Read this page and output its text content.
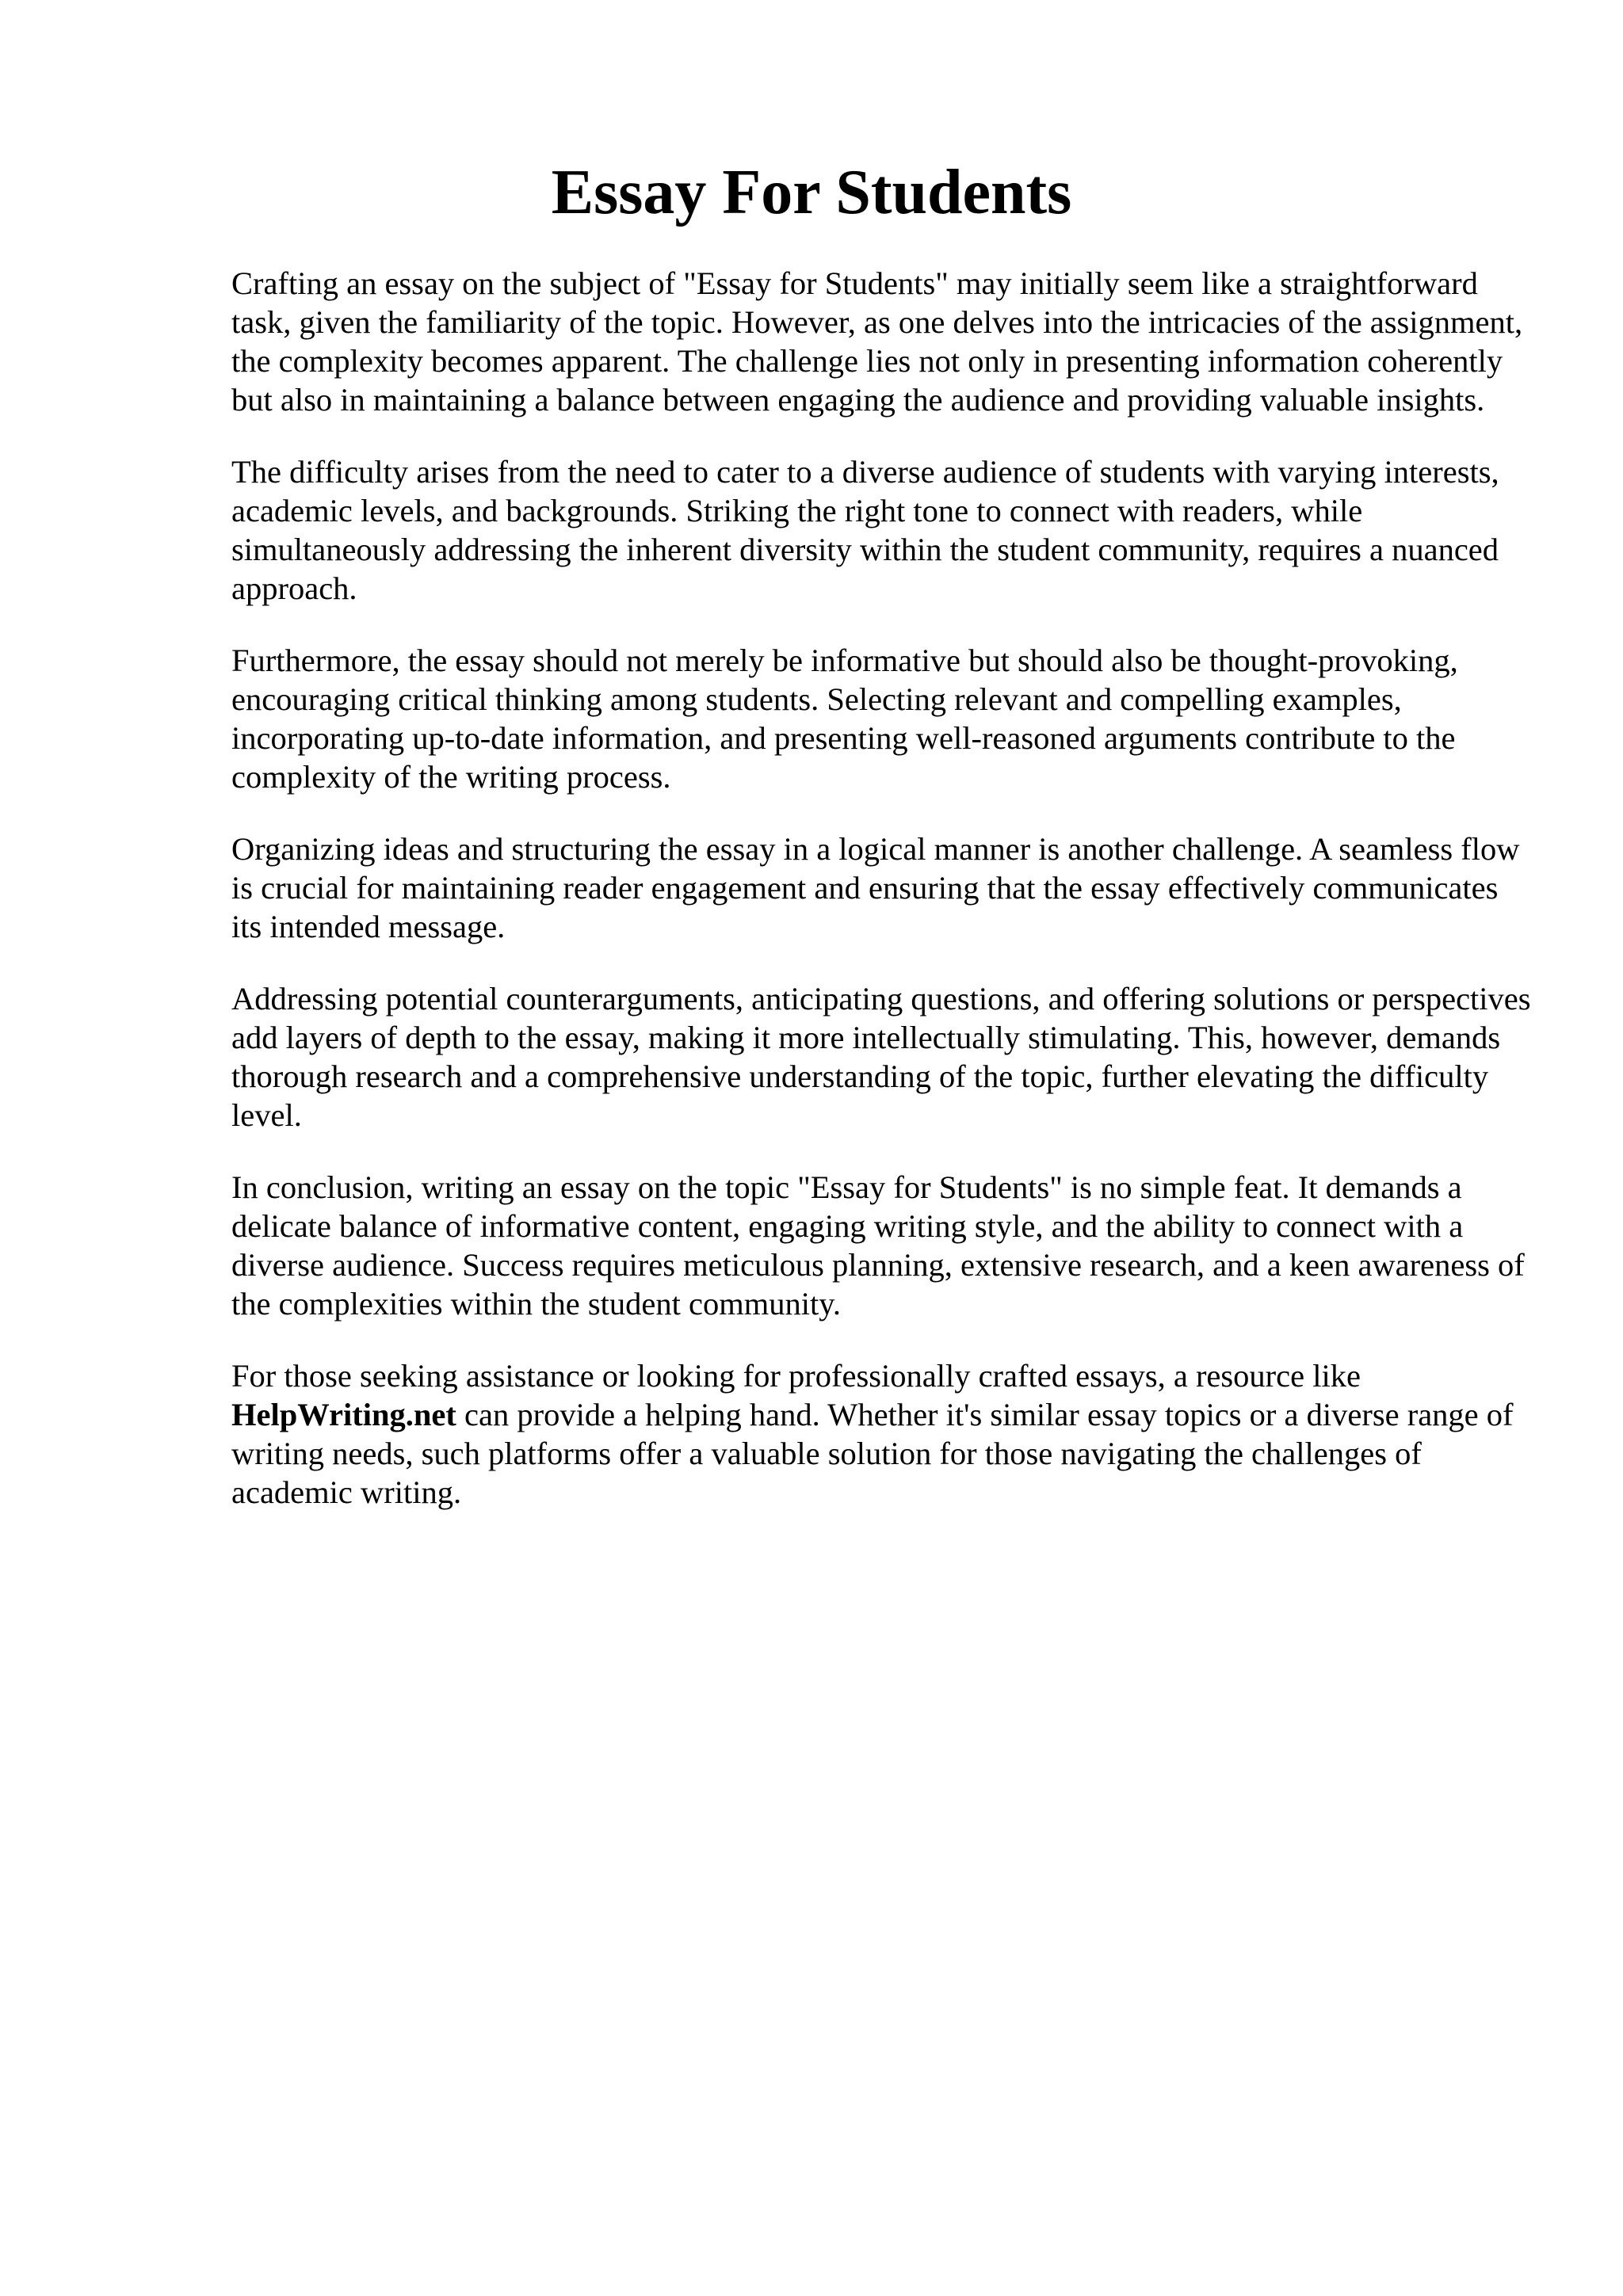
Essay For Students

Crafting an essay on the subject of "Essay for Students" may initially seem like a straightforward task, given the familiarity of the topic. However, as one delves into the intricacies of the assignment, the complexity becomes apparent. The challenge lies not only in presenting information coherently but also in maintaining a balance between engaging the audience and providing valuable insights.

The difficulty arises from the need to cater to a diverse audience of students with varying interests, academic levels, and backgrounds. Striking the right tone to connect with readers, while simultaneously addressing the inherent diversity within the student community, requires a nuanced approach.

Furthermore, the essay should not merely be informative but should also be thought-provoking, encouraging critical thinking among students. Selecting relevant and compelling examples, incorporating up-to-date information, and presenting well-reasoned arguments contribute to the complexity of the writing process.

Organizing ideas and structuring the essay in a logical manner is another challenge. A seamless flow is crucial for maintaining reader engagement and ensuring that the essay effectively communicates its intended message.

Addressing potential counterarguments, anticipating questions, and offering solutions or perspectives add layers of depth to the essay, making it more intellectually stimulating. This, however, demands thorough research and a comprehensive understanding of the topic, further elevating the difficulty level.

In conclusion, writing an essay on the topic "Essay for Students" is no simple feat. It demands a delicate balance of informative content, engaging writing style, and the ability to connect with a diverse audience. Success requires meticulous planning, extensive research, and a keen awareness of the complexities within the student community.

For those seeking assistance or looking for professionally crafted essays, a resource like HelpWriting.net can provide a helping hand. Whether it's similar essay topics or a diverse range of writing needs, such platforms offer a valuable solution for those navigating the challenges of academic writing.
